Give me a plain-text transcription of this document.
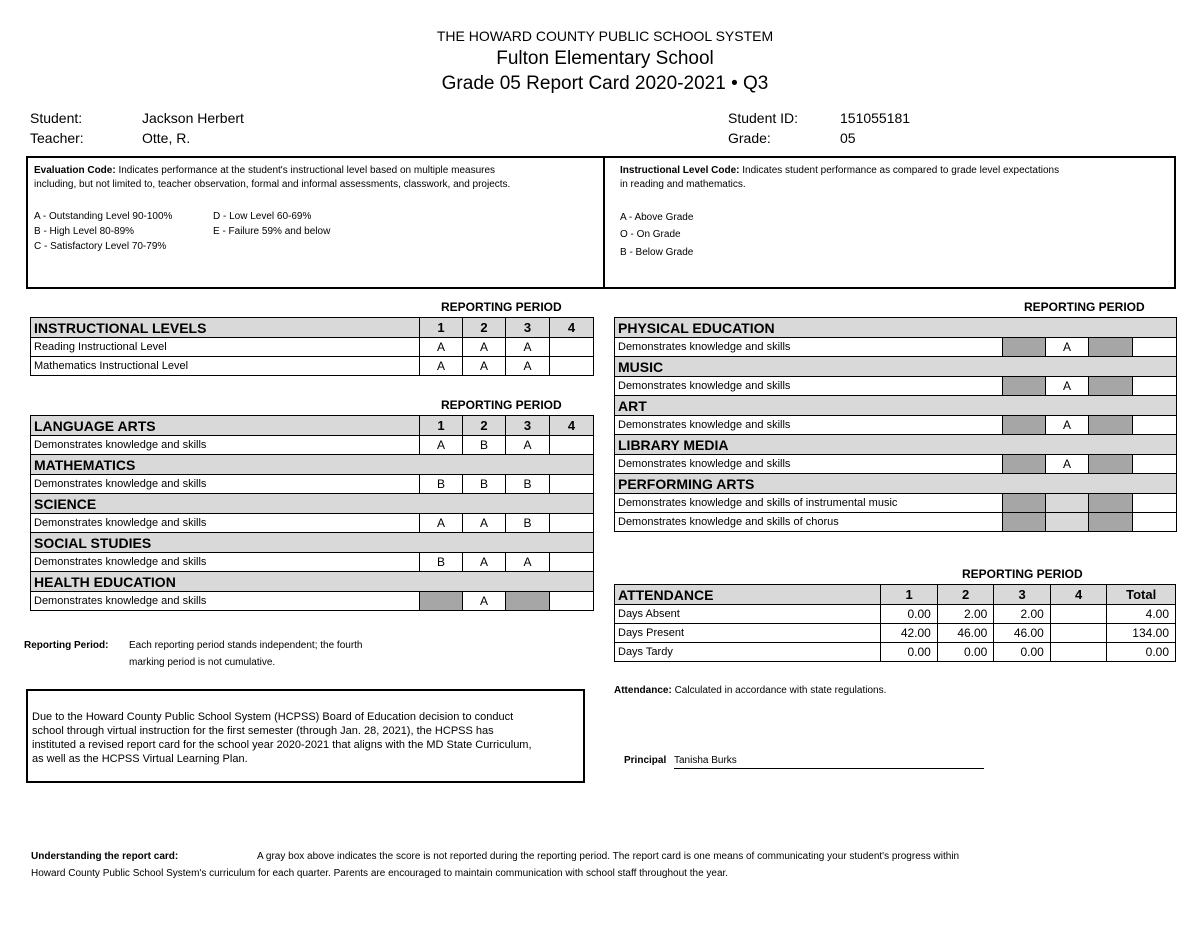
THE HOWARD COUNTY PUBLIC SCHOOL SYSTEM
Fulton Elementary School
Grade 05 Report Card 2020-2021 • Q3
Student:	Jackson Herbert
Teacher:	Otte, R.
Student ID:	151055181
Grade:	05
Evaluation Code: Indicates performance at the student's instructional level based on multiple measures
including, but not limited to, teacher observation, formal and informal assessments, classwork, and projects.
A - Outstanding Level 90-100%
B - High Level 80-89%
C - Satisfactory Level 70-79%
D - Low Level 60-69%
E - Failure 59% and below
Instructional Level Code: Indicates student performance as compared to grade level expectations
in reading and mathematics.
A - Above Grade
O - On Grade
B - Below Grade
REPORTING PERIOD
REPORTING PERIOD
REPORTING PERIOD
REPORTING PERIOD
INSTRUCTIONAL LEVELS	1	2	3	4
Reading Instructional Level	A	A	A	
Mathematics Instructional Level	A	A	A	
LANGUAGE ARTS	1	2	3	4
Demonstrates knowledge and skills	A	B	A	
MATHEMATICS				
Demonstrates knowledge and skills	B	B	B	
SCIENCE				
Demonstrates knowledge and skills	A	A	B	
SOCIAL STUDIES				
Demonstrates knowledge and skills	B	A	A	
HEALTH EDUCATION				
Demonstrates knowledge and skills		A		
Reporting Period: Each reporting period stands independent; the fourth
marking period is not cumulative.
Due to the Howard County Public School System (HCPSS) Board of Education decision to conduct
school through virtual instruction for the first semester (through Jan. 28, 2021), the HCPSS has
instituted a revised report card for the school year 2020-2021 that aligns with the MD State Curriculum,
as well as the HCPSS Virtual Learning Plan.
PHYSICAL EDUCATION				
Demonstrates knowledge and skills		A		
MUSIC				
Demonstrates knowledge and skills		A		
ART				
Demonstrates knowledge and skills		A		
LIBRARY MEDIA				
Demonstrates knowledge and skills		A		
PERFORMING ARTS				
Demonstrates knowledge and skills of instrumental music				
Demonstrates knowledge and skills of chorus				
ATTENDANCE	1	2	3	4	Total
Days Absent	0.00	2.00	2.00		4.00
Days Present	42.00	46.00	46.00		134.00
Days Tardy	0.00	0.00	0.00		0.00
Attendance: Calculated in accordance with state regulations.
Principal Tanisha Burks
Understanding the report card:	A gray box above indicates the score is not reported during the reporting period. The report card is one means of communicating your student's progress within
Howard County Public School System's curriculum for each quarter. Parents are encouraged to maintain communication with school staff throughout the year.
